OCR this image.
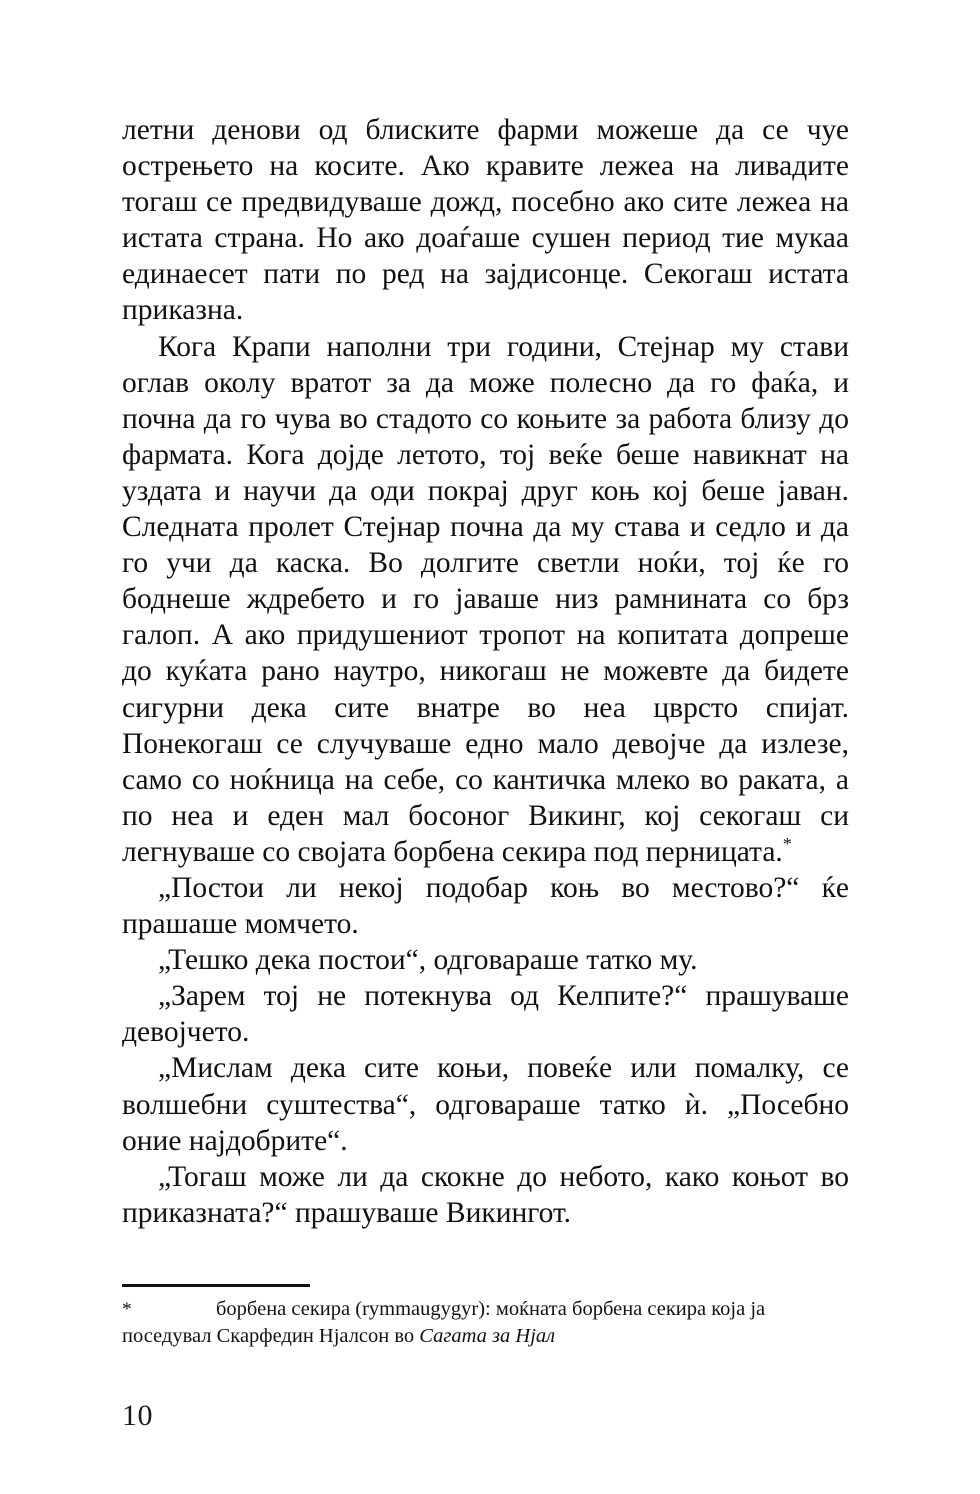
летни денови од блиските фарми можеше да се чуе острењето на косите. Ако кравите лежеа на ливадите тогаш се предвидуваше дожд, посебно ако сите лежеа на истата страна. Но ако доаѓаше сушен период тие мукаа единаесет пати по ред на зајдисонце. Секогаш истата приказна.

Кога Крапи наполни три години, Стејнар му стави оглав околу вратот за да може полесно да го фаќа, и почна да го чува во стадото со коњите за работа близу до фармата. Кога дојде летото, тој веќе беше навикнат на уздата и научи да оди покрај друг коњ кој беше јаван. Следната пролет Стејнар почна да му става и седло и да го учи да каска. Во долгите светли ноќи, тој ќе го боднеше ждребето и го јаваше низ рамнината со брз галоп. А ако придушениот тропот на копитата допреше до куќата рано наутро, никогаш не можевте да бидете сигурни дека сите внатре во неа цврсто спијат. Понекогаш се случуваше едно мало девојче да излезе, само со ноќница на себе, со кантичка млеко во раката, а по неа и еден мал босоног Викинг, кој секогаш си легнуваше со својата борбена секира под перницата.*

„Постои ли некој подобар коњ во местово?“ ќе прашаше момчето.

„Тешко дека постои“, одговараше татко му.

„Зарем тој не потекнува од Келпите?“ прашуваше девојчето.

„Мислам дека сите коњи, повеќе или помалку, се волшебни суштества“, одговараше татко ѝ. „Посебно оние најдобрите“.

„Тогаш може ли да скокне до небото, како коњот во приказната?“ прашуваше Викингот.

*	борбена секира (rymmaugygyr): моќната борбена секира која ја поседувал Скарфедин Нјалсон во Сагата за Нјал

10
